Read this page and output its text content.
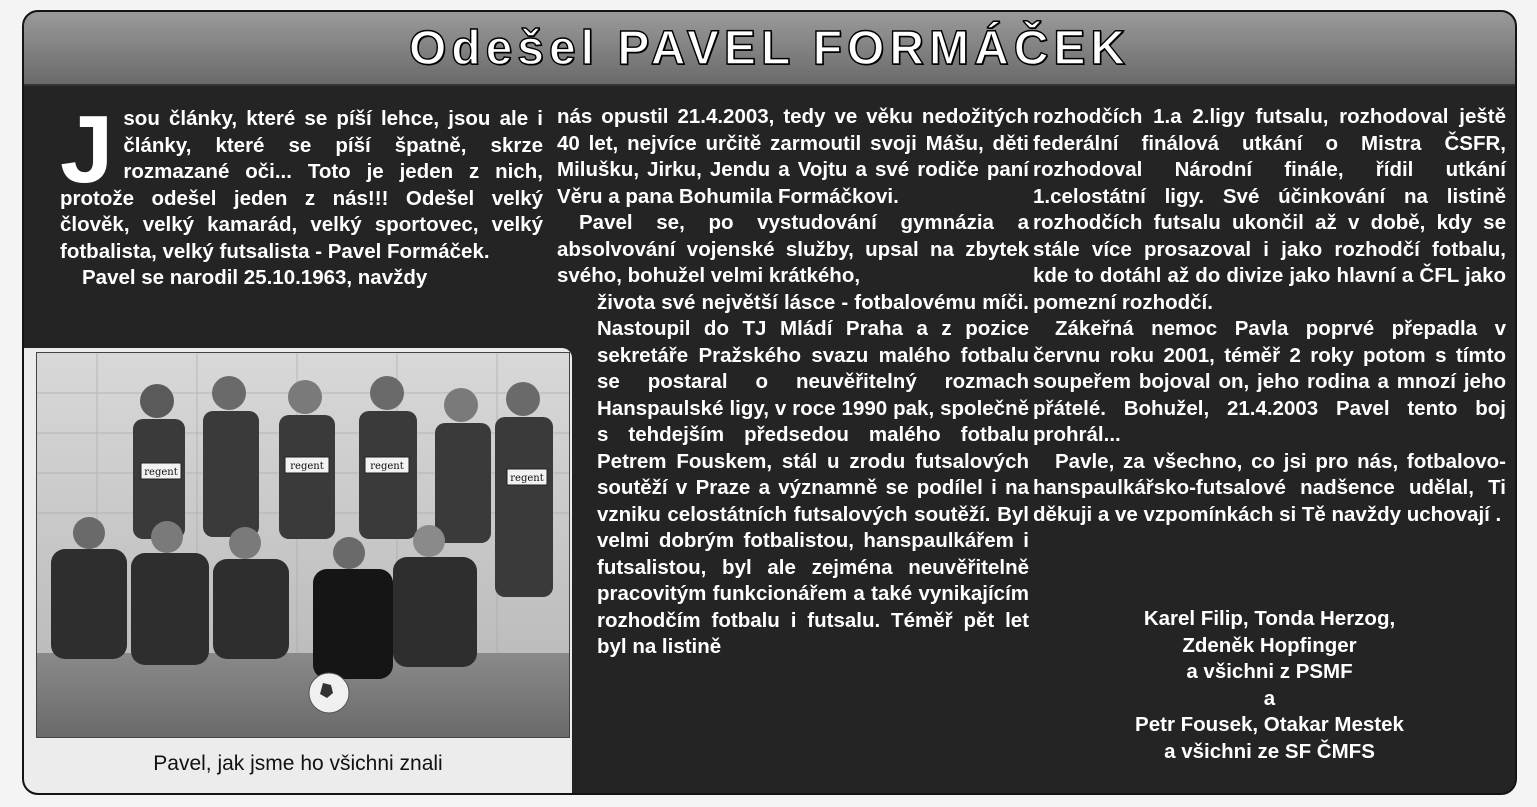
Odešel PAVEL FORMÁČEK

Jsou články, které se píší lehce, jsou ale i články, které se píší špatně, skrze rozmazané oči... Toto je jeden z nich, protože odešel jeden z nás!!! Odešel velký člověk, velký kamarád, velký sportovec, velký fotbalista, velký futsalista - Pavel Formáček.

Pavel se narodil 25.10.1963, navždy

regent
regent	regent
regent
Pavel, jak jsme ho všichni znali

nás opustil 21.4.2003, tedy ve věku nedožitých 40 let, nejvíce určitě zarmoutil svoji Mášu, děti Milušku, Jirku, Jendu a Vojtu a své rodiče paní Věru a pana Bohumila Formáčkovi.

Pavel se, po vystudování gymnázia a absolvování vojenské služby, upsal na zbytek svého, bohužel velmi krátkého,

života své největší lásce - fotbalovému míči. Nastoupil do TJ Mládí Praha a z pozice sekretáře Pražského svazu malého fotbalu se postaral o neuvěřitelný rozmach Hanspaulské ligy, v roce 1990 pak, společně s tehdejším předsedou malého fotbalu Petrem Fouskem, stál u zrodu futsalových soutěží v Praze a významně se podílel i na vzniku celostátních futsalových soutěží. Byl velmi dobrým fotbalistou, hanspaulkářem i futsalistou, byl ale zejména neuvěřitelně pracovitým funkcionářem a také vynikajícím rozhodčím fotbalu i futsalu. Téměř pět let byl na listině

rozhodčích 1.a 2.ligy futsalu, rozhodoval ještě federální finálová utkání o Mistra ČSFR, rozhodoval Národní finále, řídil utkání 1.celostátní ligy. Své účinkování na listině rozhodčích futsalu ukončil až v době, kdy se stále více prosazoval i jako rozhodčí fotbalu, kde to dotáhl až do divize jako hlavní a ČFL jako pomezní rozhodčí.

Zákeřná nemoc Pavla poprvé přepadla v červnu roku 2001, téměř 2 roky potom s tímto soupeřem bojoval on, jeho rodina a mnozí jeho přátelé. Bohužel, 21.4.2003 Pavel tento boj prohrál...

Pavle, za všechno, co jsi pro nás, fotbalovo-hanspaulkářsko-futsalové nadšence udělal, Ti děkuji a ve vzpomínkách si Tě navždy uchovají .

Karel Filip, Tonda Herzog,
Zdeněk Hopfinger
a všichni z PSMF
a
Petr Fousek, Otakar Mestek
a všichni ze SF ČMFS
